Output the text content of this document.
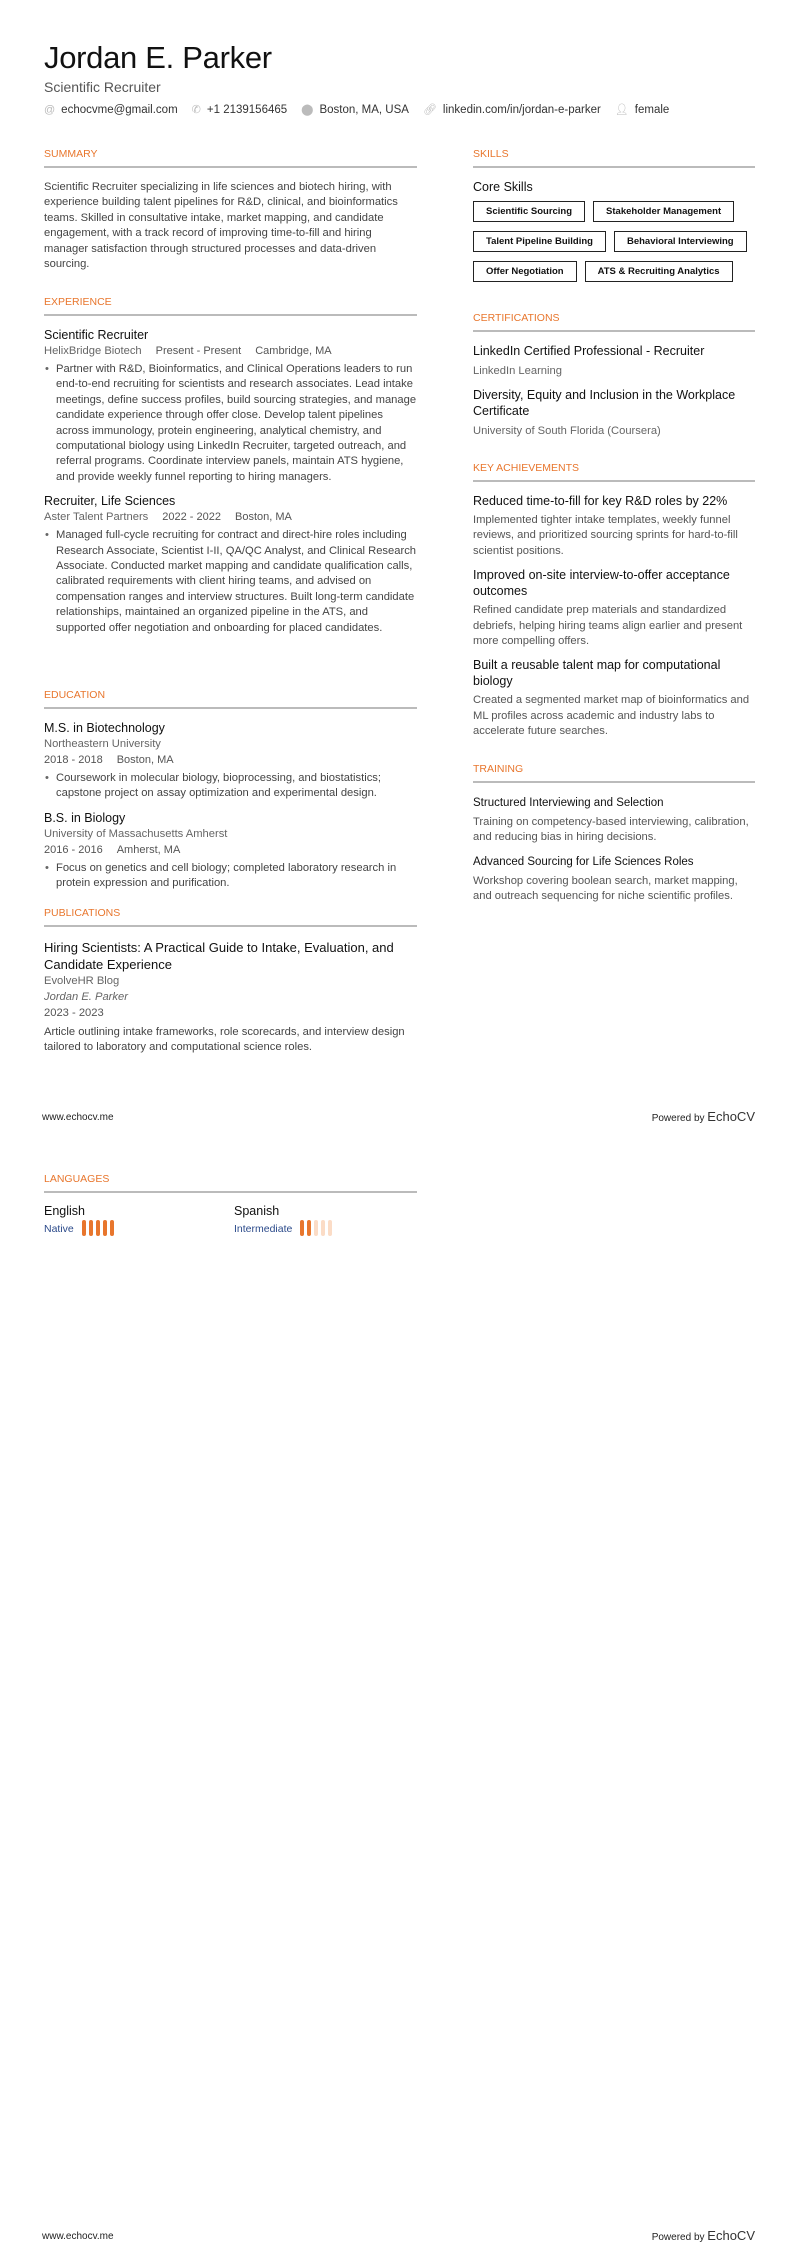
Jordan E. Parker
Scientific Recruiter
@ echocvme@gmail.com ✆ +1 2139156465 ⬤ Boston, MA, USA 🔗︎ linkedin.com/in/jordan-e-parker 👤︎ female
SUMMARY

Scientific Recruiter specializing in life sciences and biotech hiring, with experience building talent pipelines for R&D, clinical, and bioinformatics teams. Skilled in consultative intake, market mapping, and candidate engagement, with a track record of improving time-to-fill and hiring manager satisfaction through structured processes and data-driven sourcing.

EXPERIENCE
Scientific Recruiter
HelixBridge Biotech Present - Present Cambridge, MA
• Partner with R&D, Bioinformatics, and Clinical Operations leaders to run end-to-end recruiting for scientists and research associates. Lead intake meetings, define success profiles, build sourcing strategies, and manage candidate experience through offer close. Develop talent pipelines across immunology, protein engineering, analytical chemistry, and computational biology using LinkedIn Recruiter, targeted outreach, and referral programs. Coordinate interview panels, maintain ATS hygiene, and provide weekly funnel reporting to hiring managers.
Recruiter, Life Sciences
Aster Talent Partners 2022 - 2022 Boston, MA
• Managed full-cycle recruiting for contract and direct-hire roles including Research Associate, Scientist I-II, QA/QC Analyst, and Clinical Research Associate. Conducted market mapping and candidate qualification calls, calibrated requirements with client hiring teams, and advised on compensation ranges and interview structures. Built long-term candidate relationships, maintained an organized pipeline in the ATS, and supported offer negotiation and onboarding for placed candidates.
EDUCATION
M.S. in Biotechnology
Northeastern University
2018 - 2018 Boston, MA
• Coursework in molecular biology, bioprocessing, and biostatistics; capstone project on assay optimization and experimental design.
B.S. in Biology
University of Massachusetts Amherst
2016 - 2016 Amherst, MA
• Focus on genetics and cell biology; completed laboratory research in protein expression and purification.
PUBLICATIONS
Hiring Scientists: A Practical Guide to Intake, Evaluation, and Candidate Experience
EvolveHR Blog
Jordan E. Parker
2023 - 2023

Article outlining intake frameworks, role scorecards, and interview design tailored to laboratory and computational science roles.

SKILLS
Core Skills
Scientific Sourcing	Stakeholder Management
Talent Pipeline Building	Behavioral Interviewing
Offer Negotiation	ATS & Recruiting Analytics
CERTIFICATIONS
LinkedIn Certified Professional - Recruiter
LinkedIn Learning
Diversity, Equity and Inclusion in the Workplace Certificate
University of South Florida (Coursera)
KEY ACHIEVEMENTS
Reduced time-to-fill for key R&D roles by 22%

Implemented tighter intake templates, weekly funnel reviews, and prioritized sourcing sprints for hard-to-fill scientist positions.

Improved on-site interview-to-offer acceptance outcomes

Refined candidate prep materials and standardized debriefs, helping hiring teams align earlier and present more compelling offers.

Built a reusable talent map for computational biology

Created a segmented market map of bioinformatics and ML profiles across academic and industry labs to accelerate future searches.

TRAINING
Structured Interviewing and Selection

Training on competency-based interviewing, calibration, and reducing bias in hiring decisions.

Advanced Sourcing for Life Sciences Roles

Workshop covering boolean search, market mapping, and outreach sequencing for niche scientific profiles.

www.echocv.me	Powered by EchoCV
LANGUAGES
English
Native
Spanish
Intermediate
www.echocv.me	Powered by EchoCV
